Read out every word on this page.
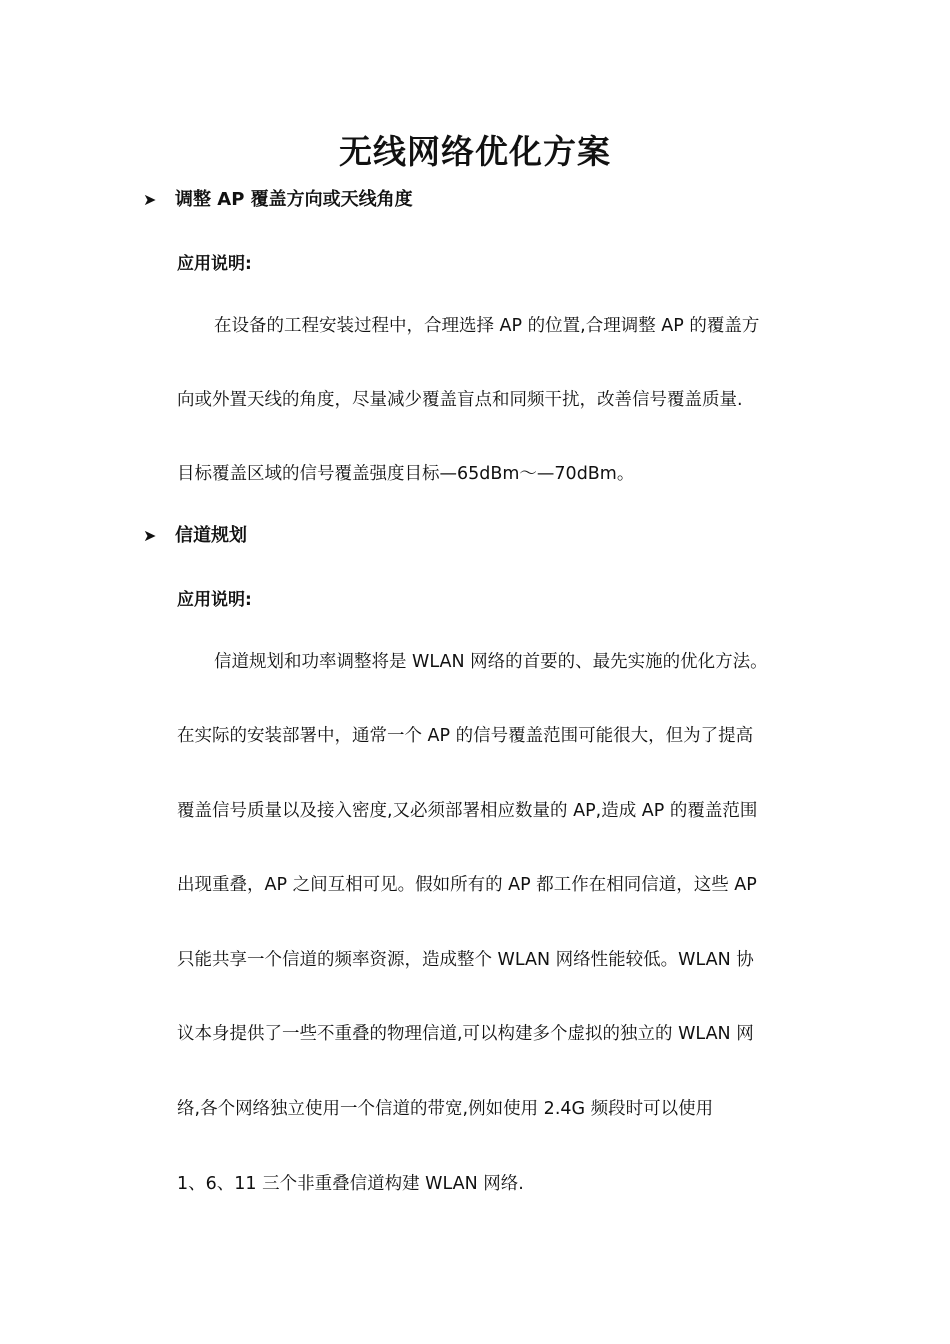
无线网络优化方案
➤ 调整 AP 覆盖方向或天线角度
应用说明:
在设备的工程安装过程中，合理选择 AP 的位置,合理调整 AP 的覆盖方
向或外置天线的角度，尽量减少覆盖盲点和同频干扰，改善信号覆盖质量.
目标覆盖区域的信号覆盖强度目标—65dBm～—70dBm。
➤ 信道规划
应用说明:
信道规划和功率调整将是 WLAN 网络的首要的、最先实施的优化方法。
在实际的安装部署中，通常一个 AP 的信号覆盖范围可能很大，但为了提高
覆盖信号质量以及接入密度,又必须部署相应数量的 AP,造成 AP 的覆盖范围
出现重叠，AP 之间互相可见。假如所有的 AP 都工作在相同信道，这些 AP
只能共享一个信道的频率资源，造成整个 WLAN 网络性能较低。WLAN 协
议本身提供了一些不重叠的物理信道,可以构建多个虚拟的独立的 WLAN 网
络,各个网络独立使用一个信道的带宽,例如使用 2.4G 频段时可以使用
1、6、11 三个非重叠信道构建 WLAN 网络.
